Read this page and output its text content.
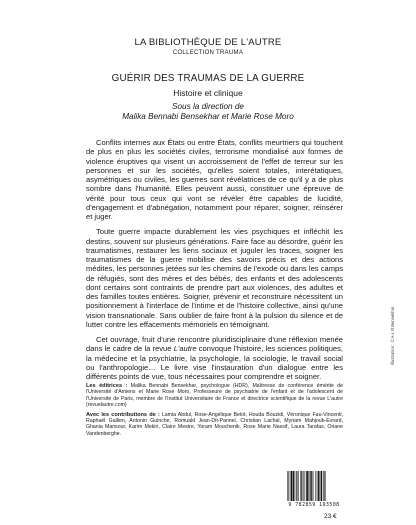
LA BIBLIOTHÈQUE DE L'AUTRE
COLLECTION TRAUMA
GUÉRIR DES TRAUMAS DE LA GUERRE
Histoire et clinique
Sous la direction de
Malika Bennabi Bensekhar et Marie Rose Moro

Conflits internes aux États ou entre États, conflits meurtriers qui touchent de plus en plus les sociétés civiles, terrorisme mondialisé aux formes de violence éruptives qui visent un accroissement de l'effet de terreur sur les personnes et sur les sociétés, qu'elles soient totales, interétatiques, asymétriques ou civiles, les guerres sont révélatrices de ce qu'il y a de plus sombre dans l'humanité. Elles peuvent aussi, constituer une épreuve de vérité pour tous ceux qui vont se révéler être capables de lucidité, d'engagement et d'abnégation, notamment pour réparer, soigner, réinsérer et juger.

Toute guerre impacte durablement les vies psychiques et infléchit les destins, souvent sur plusieurs générations. Faire face au désordre, guérir les traumatismes, restaurer les liens sociaux et juguler les traces, soigner les traumatismes de la guerre mobilise des savoirs précis et des actions médites, les personnes jetées sur les chemins de l'exode ou dans les camps de réfugiés, sont des mères et des bébés, des enfants et des adolescents dont certains sont contraints de prendre part aux violences, des adultes et des familles toutes entières. Soigner, prévenir et reconstruire nécessitent un positionnement à l'interface de l'intime et de l'histoire collective, ainsi qu'une vision transnationale. Sans oublier de faire front à la pulsion du silence et de lutter contre les effacements mémoriels en témoignant.

Cet ouvrage, fruit d'une rencontre pluridisciplinaire d'une réflexion menée dans le cadre de la revue L'autre convoque l'histoire, les sciences politiques, la médecine et la psychiatrie, la psychologie, la sociologie, le travail social ou l'anthropologie… Le livre vise l'instauration d'un dialogue entre les différents points de vue, tous nécessaires pour comprendre et soigner.

Les éditrices : Malika Bennabi Bensekhar, psychologue (HDR), Maîtresse de conférence émérite de l'Université d'Amiens et Marie Rose Moro, Professeure de psychiatrie de l'enfant et de l'adolescent de l'Université de Paris, membre de l'Institut Universitaire de France et directrice scientifique de la revue L'autre (revuelautre.com)

Avec les contributions de : Lamia Abdul, Rose-Angélique Belot, Houda Bouzidi, Véronique Fau-Vincenti, Raphaël Gallien, Antonin Guinche, Romuald Jean-Dit-Pannel, Christian Lachal, Myriam Mahjoub-Evrard, Ghania Mansour, Karim Mekiri, Claire Mestre, Yoram Mouchenik, Rose Marie Nassif, Laura Tarafas, Oriane Vandenberghe.

Illustration : © A-L R Bensekhar
9 782859 193508
23 €
